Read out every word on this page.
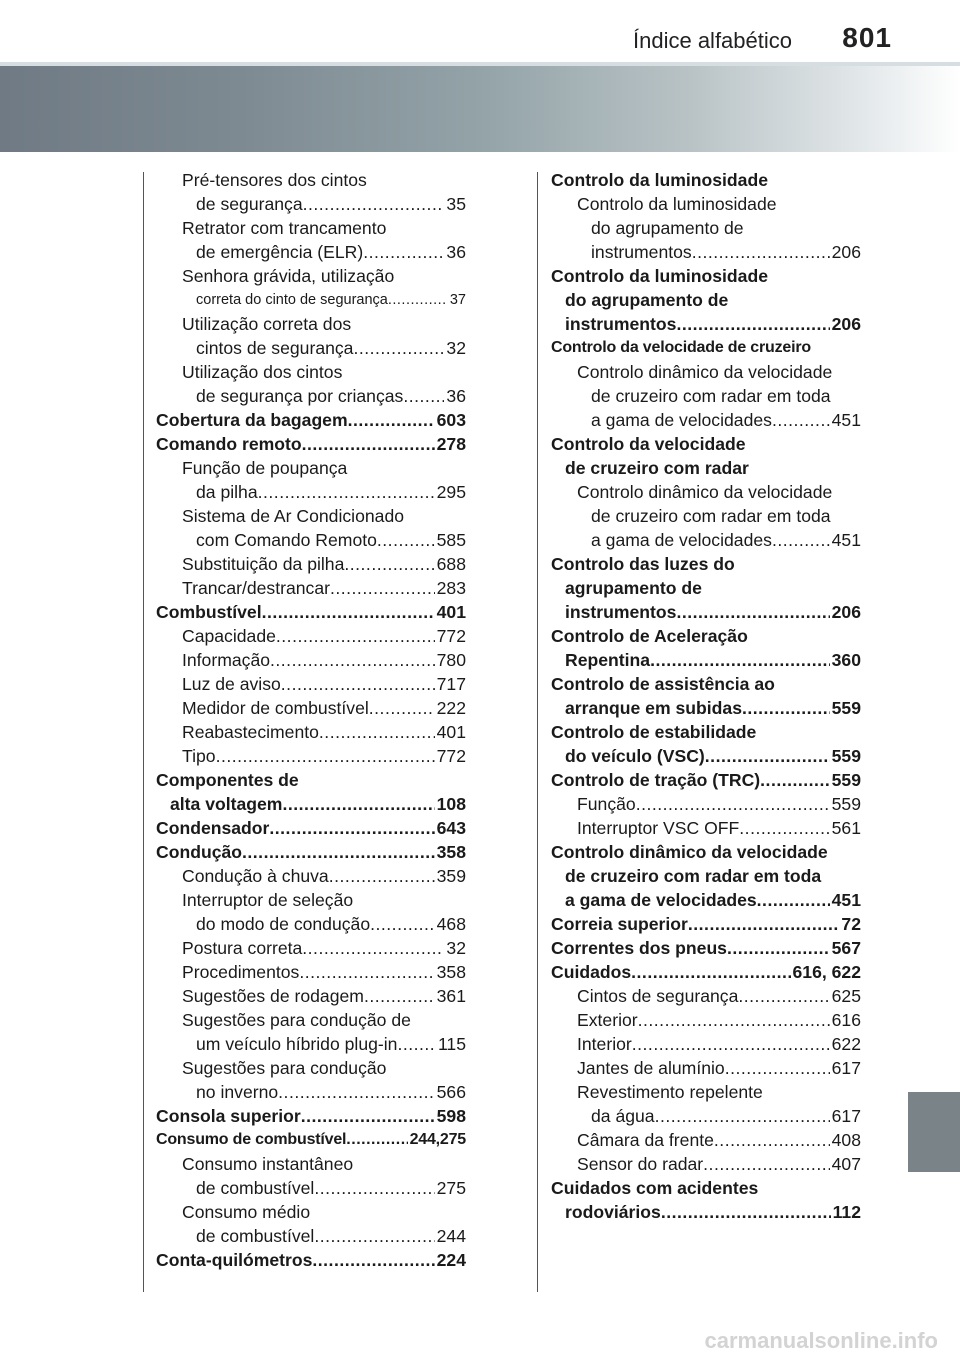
Índice alfabético 801
Pré-tensores dos cintos
de segurança .....	35
Retrator com trancamento
de emergência (ELR) .....	36
Senhora grávida, utilização
correta do cinto de segurança .....	37
Utilização correta dos
cintos de segurança .....	32
Utilização dos cintos
de segurança por crianças ..... 36
Cobertura da bagagem .....	603
Comando remoto .....	278
Função de poupança
da pilha .....	295
Sistema de Ar Condicionado
com Comando Remoto .....	585
Substituição da pilha .....	688
Trancar/destrancar .....	283
Combustível .....	401
Capacidade .....	772
Informação .....	780
Luz de aviso .....	717
Medidor de combustível .....	222
Reabastecimento .....	401
Tipo .....	772
Componentes de
alta voltagem .....	108
Condensador .....	643
Condução .....	358
Condução à chuva .....	359
Interruptor de seleção
do modo de condução .....	468
Postura correta .....	32
Procedimentos .....	358
Sugestões de rodagem .....	361
Sugestões para condução de
um veículo híbrido plug-in ..... 115
Sugestões para condução
no inverno .....	566
Consola superior .....	598
Consumo de combustível .....	244,275
Consumo instantâneo
de combustível .....	275
Consumo médio
de combustível .....	244
Conta-quilómetros .....	224
Controlo da luminosidade
Controlo da luminosidade
do agrupamento de
instrumentos .....	206
Controlo da luminosidade
do agrupamento de
instrumentos .....	206
Controlo da velocidade de cruzeiro
Controlo dinâmico da velocidade
de cruzeiro com radar em toda
a gama de velocidades .....	451
Controlo da velocidade
de cruzeiro com radar
Controlo dinâmico da velocidade
de cruzeiro com radar em toda
a gama de velocidades .....	451
Controlo das luzes do
agrupamento de
instrumentos .....	206
Controlo de Aceleração
Repentina .....	360
Controlo de assistência ao
arranque em subidas .....	559
Controlo de estabilidade
do veículo (VSC) .....	559
Controlo de tração (TRC) .....	559
Função .....	559
Interruptor VSC OFF .....	561
Controlo dinâmico da velocidade
de cruzeiro com radar em toda
a gama de velocidades .....	451
Correia superior .....	72
Correntes dos pneus .....	567
Cuidados .....	616, 622
Cintos de segurança .....	625
Exterior .....	616
Interior .....	622
Jantes de alumínio .....	617
Revestimento repelente
da água .....	617
Câmara da frente .....	408
Sensor do radar .....	407
Cuidados com acidentes
rodoviários .....	112
carmanualsonline.info
